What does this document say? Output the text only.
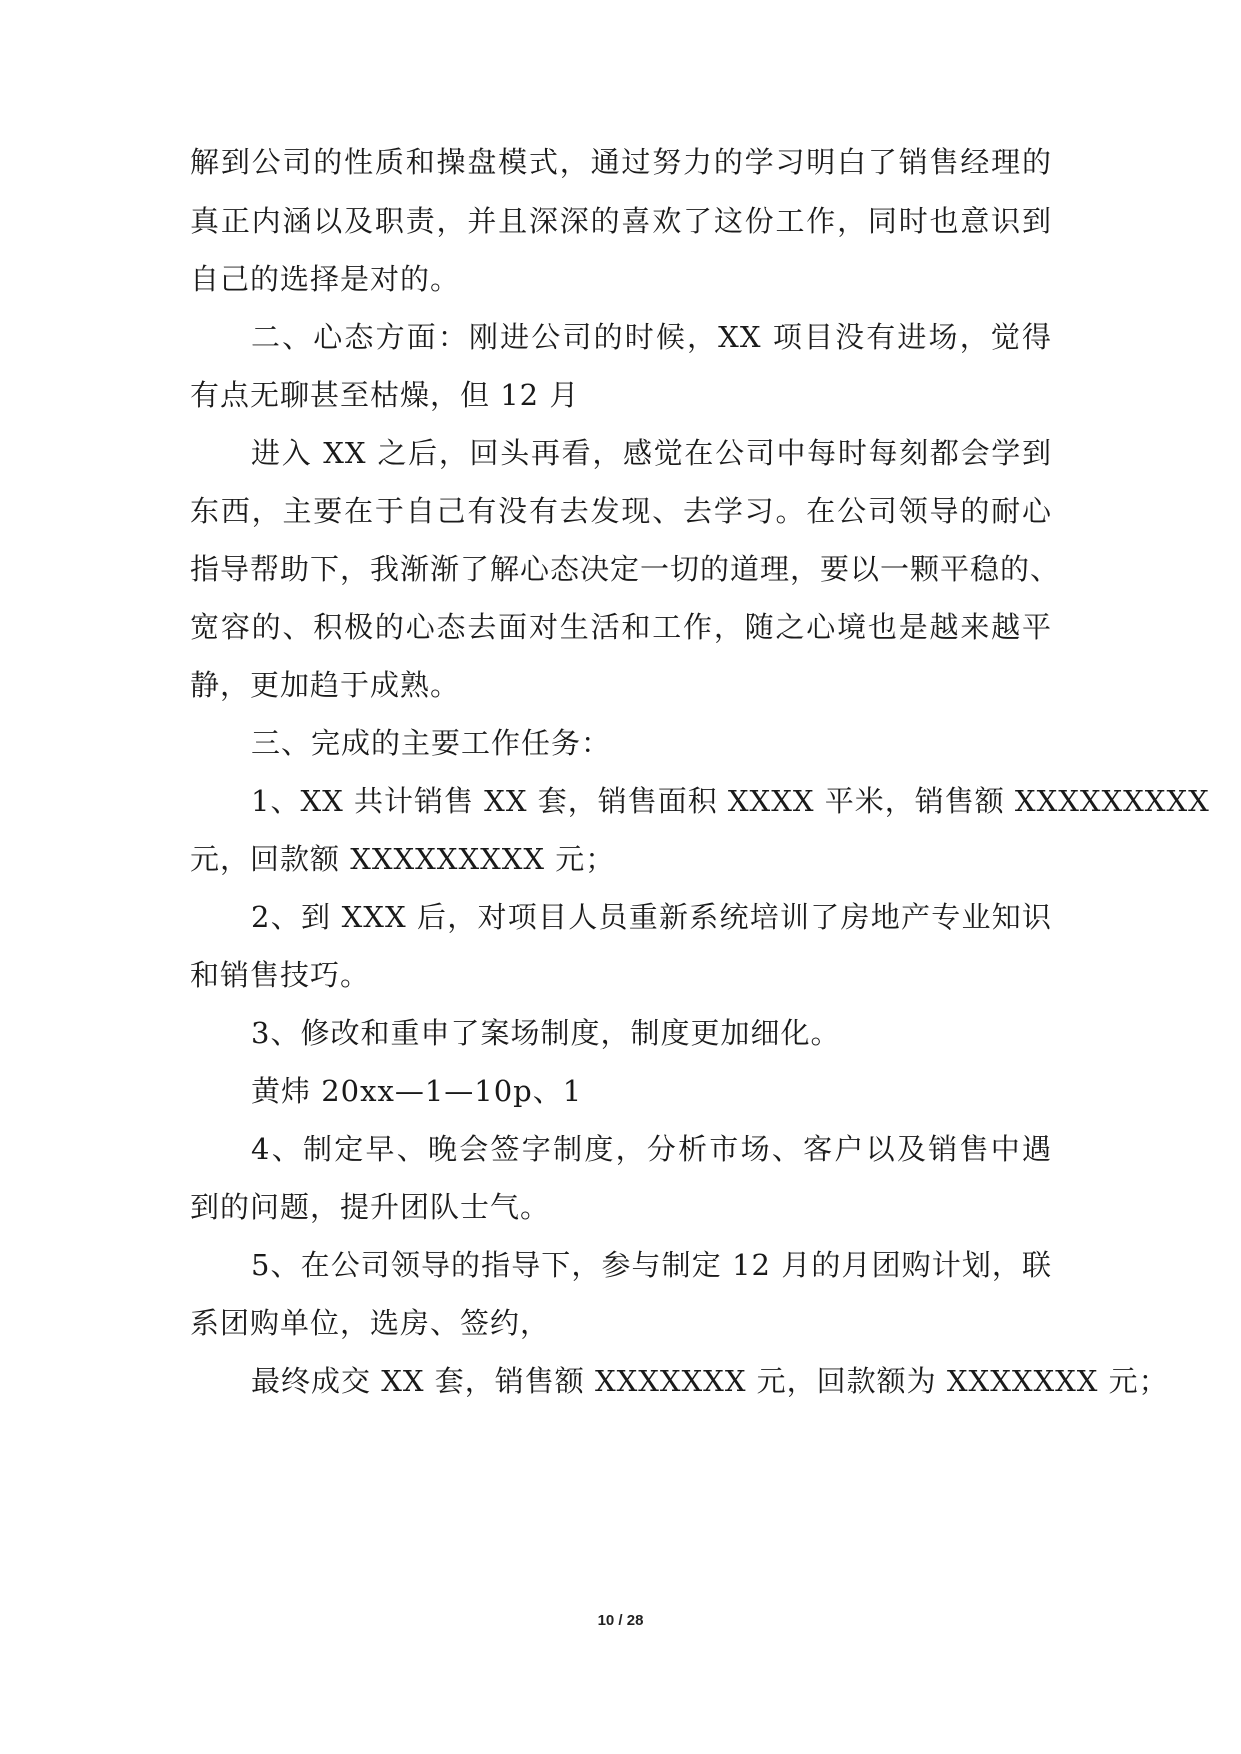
解到公司的性质和操盘模式，通过努力的学习明白了销售经理的
真正内涵以及职责，并且深深的喜欢了这份工作，同时也意识到
自己的选择是对的。
二、心态方面：刚进公司的时候，XX 项目没有进场，觉得
有点无聊甚至枯燥，但 12 月
进入 XX 之后，回头再看，感觉在公司中每时每刻都会学到
东西，主要在于自己有没有去发现、去学习。在公司领导的耐心
指导帮助下，我渐渐了解心态决定一切的道理，要以一颗平稳的、
宽容的、积极的心态去面对生活和工作，随之心境也是越来越平
静，更加趋于成熟。
三、完成的主要工作任务：
1、XX 共计销售 XX 套，销售面积 XXXX 平米，销售额 XXXXXXXXX
元，回款额 XXXXXXXXX 元；
2、到 XXX 后，对项目人员重新系统培训了房地产专业知识
和销售技巧。
3、修改和重申了案场制度，制度更加细化。
黄炜 20xx—1—10p、1
4、制定早、晚会签字制度，分析市场、客户以及销售中遇
到的问题，提升团队士气。
5、在公司领导的指导下，参与制定 12 月的月团购计划，联
系团购单位，选房、签约，
最终成交 XX 套，销售额 XXXXXXX 元，回款额为 XXXXXXX 元；
10 / 28
